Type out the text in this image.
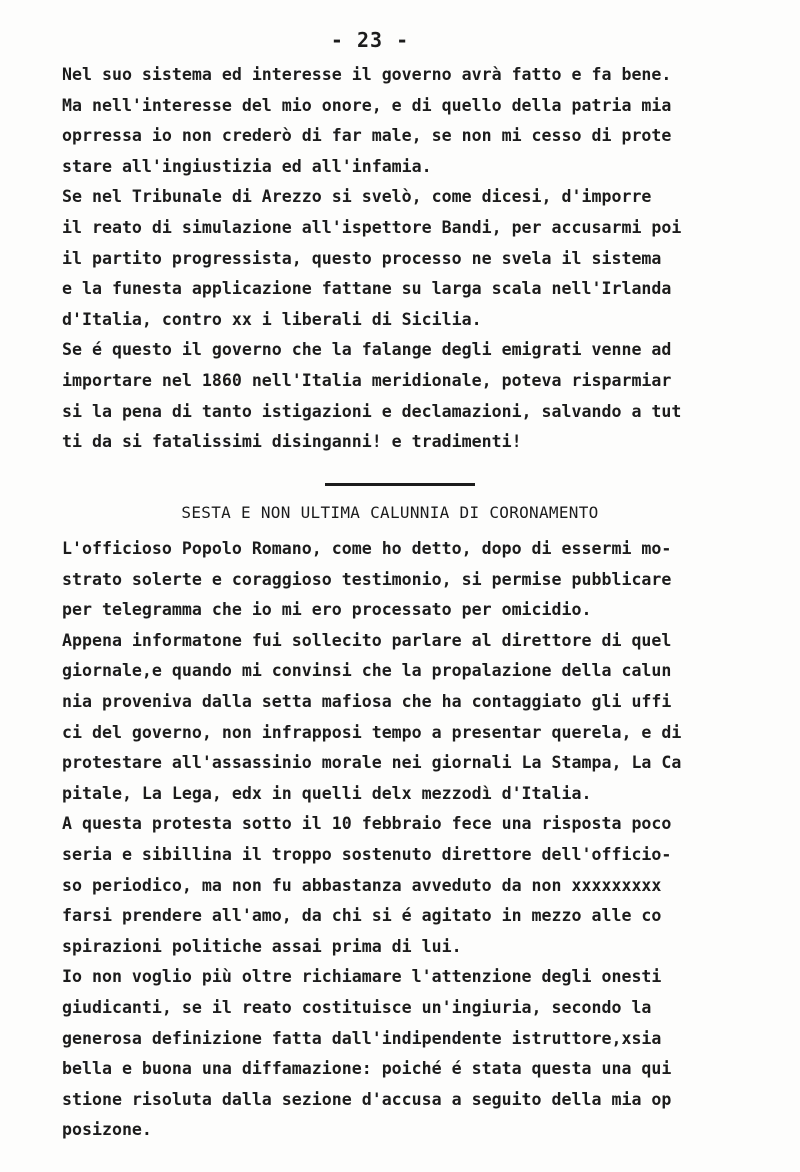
- 23 -
Nel suo sistema ed interesse il governo avrà fatto e fa bene.
Ma nell'interesse del mio onore, e di quello della patria mia
oprressa io non crederò di far male, se non mi cesso di prote
stare all'ingiustizia ed all'infamia.
Se nel Tribunale di Arezzo si svelò, come dicesi, d'imporre
il reato di simulazione all'ispettore Bandi, per accusarmi poi
il partito progressista, questo processo ne svela il sistema
e la funesta applicazione fattane su larga scala nell'Irlanda
d'Italia, contro xx i liberali di Sicilia.
Se é questo il governo che la falange degli emigrati venne ad
importare nel 1860 nell'Italia meridionale, poteva risparmiar
si la pena di tanto istigazioni e declamazioni, salvando a tut
ti da si fatalissimi disinganni! e tradimenti!
SESTA E NON ULTIMA CALUNNIA DI CORONAMENTO
L'officioso Popolo Romano, come ho detto, dopo di essermi mo-
strato solerte e coraggioso testimonio, si permise pubblicare
per telegramma che io mi ero processato per omicidio.
Appena informatone fui sollecito parlare al direttore di quel
giornale,e quando mi convinsi che la propalazione della calun
nia proveniva dalla setta mafiosa che ha contaggiato gli uffi
ci del governo, non infrapposi tempo a presentar querela, e di
protestare all'assassinio morale nei giornali La Stampa, La Ca
pitale, La Lega, edx in quelli delx mezzodì d'Italia.
A questa protesta sotto il 10 febbraio fece una risposta poco
seria e sibillina il troppo sostenuto direttore dell'officio-
so periodico, ma non fu abbastanza avveduto da non xxxxxxxxx
farsi prendere all'amo, da chi si é agitato in mezzo alle co
spirazioni politiche assai prima di lui.
Io non voglio più oltre richiamare l'attenzione degli onesti
giudicanti, se il reato costituisce un'ingiuria, secondo la
generosa definizione fatta dall'indipendente istruttore,xsia
bella e buona una diffamazione: poiché é stata questa una qui
stione risoluta dalla sezione d'accusa a seguito della mia op
posizone.
